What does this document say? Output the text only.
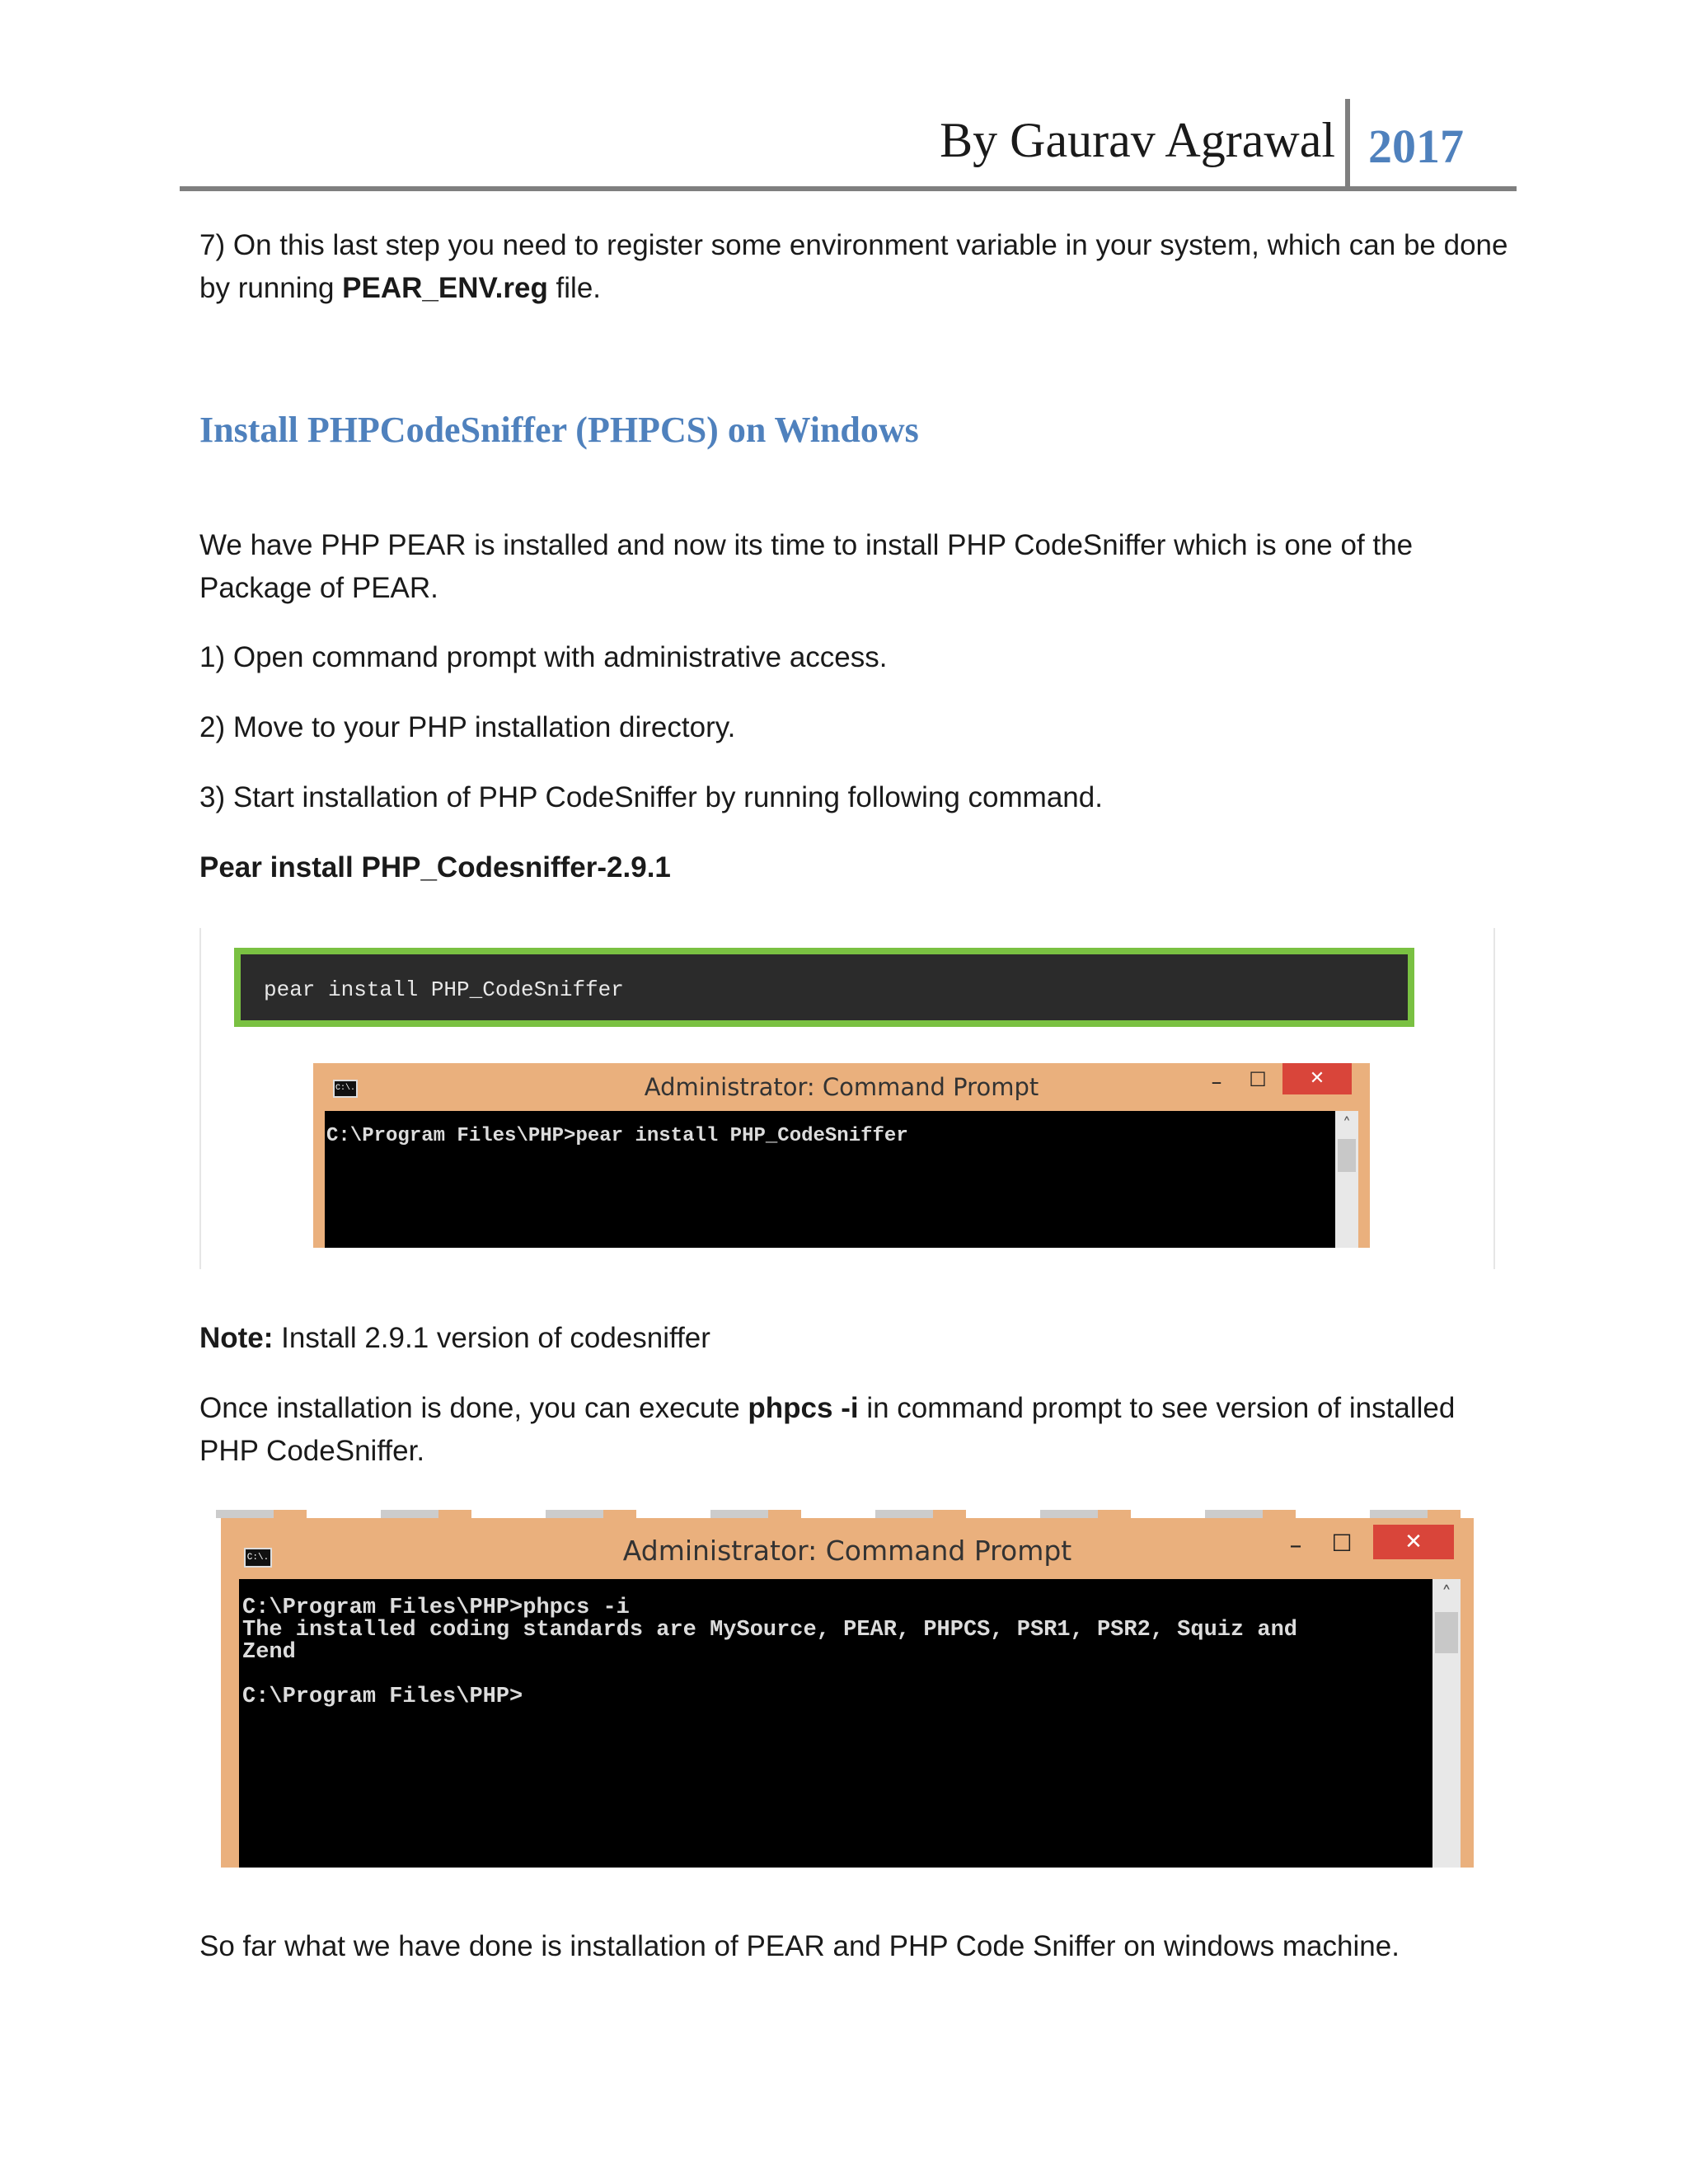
By Gaurav Agrawal 2017
7) On this last step you need to register some environment variable in your system, which can be done
by running PEAR_ENV.reg file.
Install PHPCodeSniffer (PHPCS) on Windows
We have PHP PEAR is installed and now its time to install PHP CodeSniffer which is one of the Package of PEAR.
1) Open command prompt with administrative access.
2) Move to your PHP installation directory.
3) Start installation of PHP CodeSniffer by running following command.
Pear install PHP_Codesniffer-2.9.1
pear install PHP_CodeSniffer
C:\.	Administrator: Command Prompt	–	☐	✕
C:\Program Files\PHP>pear install PHP_CodeSniffer
˄
Note: Install 2.9.1 version of codesniffer
Once installation is done, you can execute phpcs -i in command prompt to see version of installed PHP CodeSniffer.
C:\.	Administrator: Command Prompt	–	☐	✕
C:\Program Files\PHP>phpcs -i
The installed coding standards are MySource, PEAR, PHPCS, PSR1, PSR2, Squiz and
Zend

C:\Program Files\PHP>
˄
So far what we have done is installation of PEAR and PHP Code Sniffer on windows machine.
